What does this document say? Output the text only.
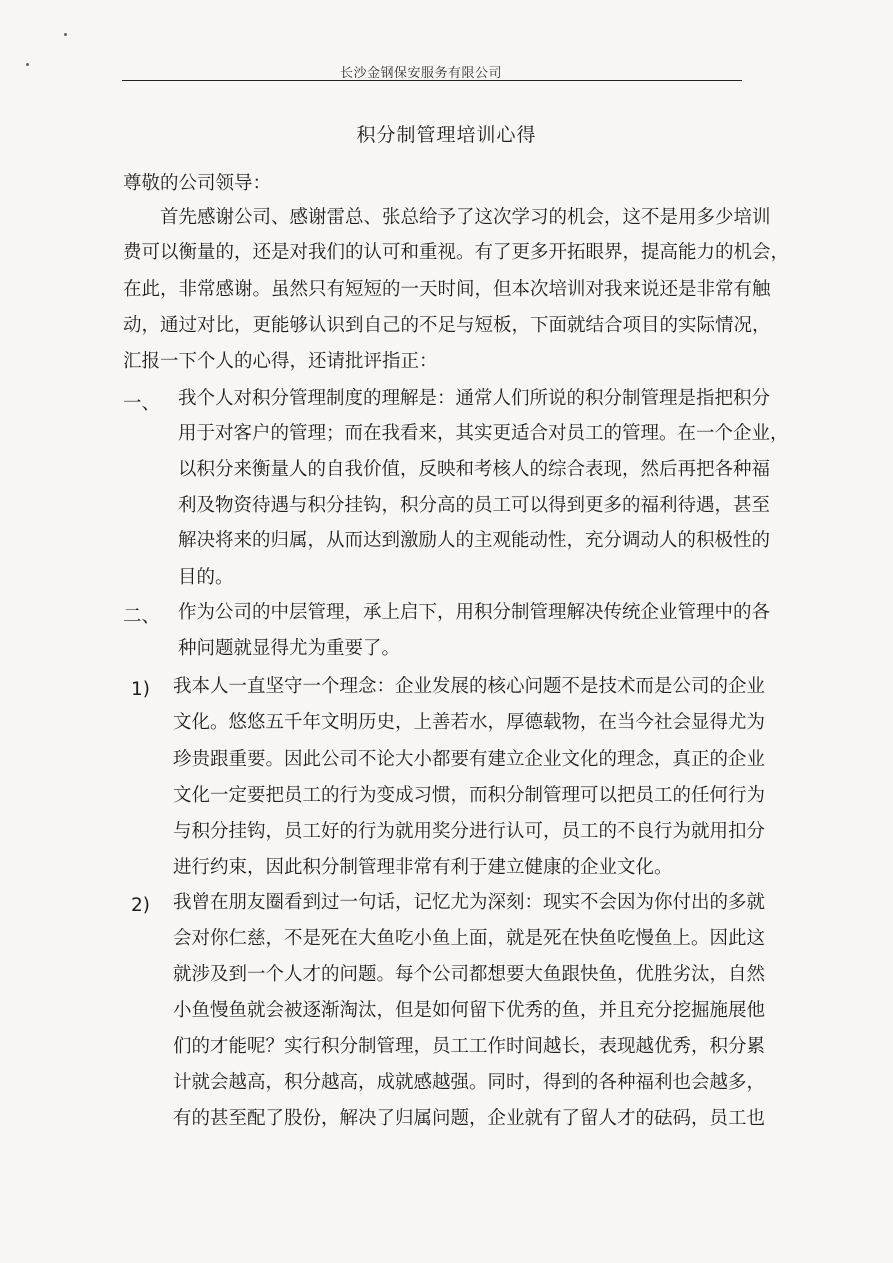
长沙金钢保安服务有限公司
积分制管理培训心得
尊敬的公司领导：
首先感谢公司、感谢雷总、张总给予了这次学习的机会，这不是用多少培训
费可以衡量的，还是对我们的认可和重视。有了更多开拓眼界，提高能力的机会，
在此，非常感谢。虽然只有短短的一天时间，但本次培训对我来说还是非常有触
动，通过对比，更能够认识到自己的不足与短板，下面就结合项目的实际情况，
汇报一下个人的心得，还请批评指正：
一、 我个人对积分管理制度的理解是：通常人们所说的积分制管理是指把积分
用于对客户的管理；而在我看来，其实更适合对员工的管理。在一个企业，
以积分来衡量人的自我价值，反映和考核人的综合表现，然后再把各种福
利及物资待遇与积分挂钩，积分高的员工可以得到更多的福利待遇，甚至
解决将来的归属，从而达到激励人的主观能动性，充分调动人的积极性的
目的。
二、 作为公司的中层管理，承上启下，用积分制管理解决传统企业管理中的各
种问题就显得尤为重要了。
1) 我本人一直坚守一个理念：企业发展的核心问题不是技术而是公司的企业
文化。悠悠五千年文明历史，上善若水，厚德载物，在当今社会显得尤为
珍贵跟重要。因此公司不论大小都要有建立企业文化的理念，真正的企业
文化一定要把员工的行为变成习惯，而积分制管理可以把员工的任何行为
与积分挂钩，员工好的行为就用奖分进行认可，员工的不良行为就用扣分
进行约束，因此积分制管理非常有利于建立健康的企业文化。
2) 我曾在朋友圈看到过一句话，记忆尤为深刻：现实不会因为你付出的多就
会对你仁慈，不是死在大鱼吃小鱼上面，就是死在快鱼吃慢鱼上。因此这
就涉及到一个人才的问题。每个公司都想要大鱼跟快鱼，优胜劣汰，自然
小鱼慢鱼就会被逐渐淘汰，但是如何留下优秀的鱼，并且充分挖掘施展他
们的才能呢？实行积分制管理，员工工作时间越长，表现越优秀，积分累
计就会越高，积分越高，成就感越强。同时，得到的各种福利也会越多，
有的甚至配了股份，解决了归属问题，企业就有了留人才的砝码，员工也
